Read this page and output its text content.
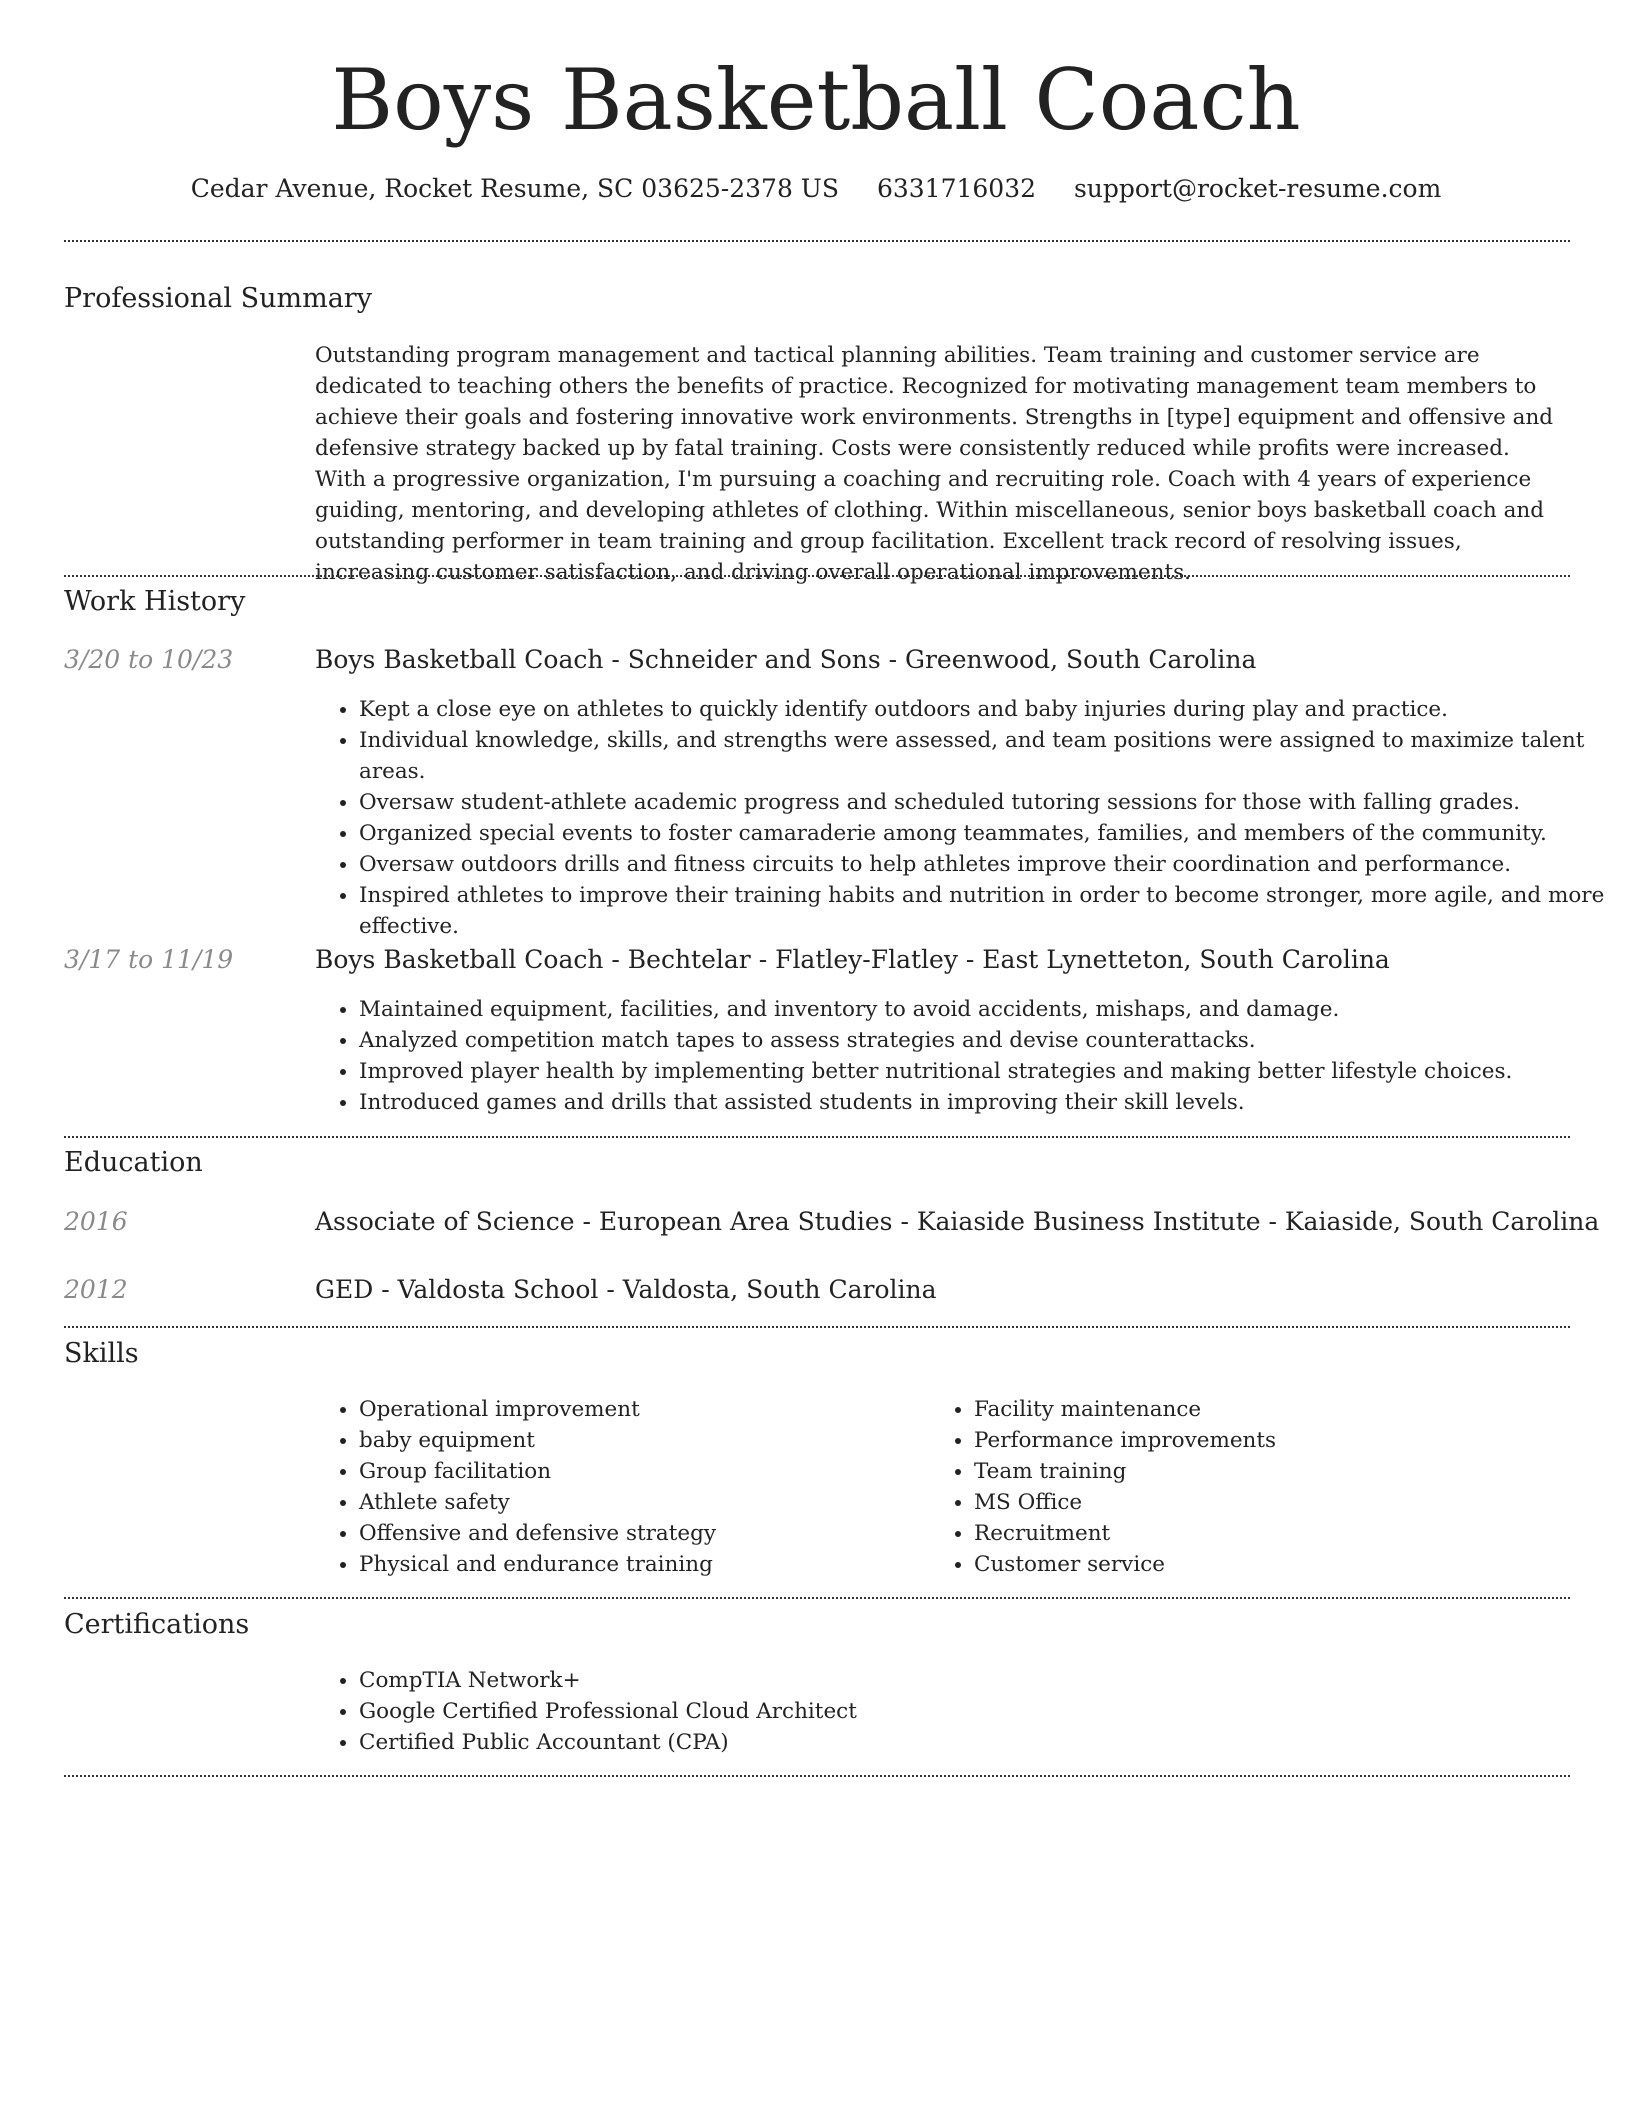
Boys Basketball Coach
Cedar Avenue, Rocket Resume, SC 03625-2378 US 6331716032 support@rocket-resume.com
Professional Summary

Outstanding program management and tactical planning abilities. Team training and customer service are dedicated to teaching others the benefits of practice. Recognized for motivating management team members to achieve their goals and fostering innovative work environments. Strengths in [type] equipment and offensive and defensive strategy backed up by fatal training. Costs were consistently reduced while profits were increased. With a progressive organization, I'm pursuing a coaching and recruiting role. Coach with 4 years of experience guiding, mentoring, and developing athletes of clothing. Within miscellaneous, senior boys basketball coach and outstanding performer in team training and group facilitation. Excellent track record of resolving issues, increasing customer satisfaction, and driving overall operational improvements.

Work History
3/20 to 10/23	Boys Basketball Coach - Schneider and Sons - Greenwood, South Carolina
• Kept a close eye on athletes to quickly identify outdoors and baby injuries during play and practice.
• Individual knowledge, skills, and strengths were assessed, and team positions were assigned to maximize talent areas.
• Oversaw student-athlete academic progress and scheduled tutoring sessions for those with falling grades.
• Organized special events to foster camaraderie among teammates, families, and members of the community.
• Oversaw outdoors drills and fitness circuits to help athletes improve their coordination and performance.
• Inspired athletes to improve their training habits and nutrition in order to become stronger, more agile, and more effective.
3/17 to 11/19	Boys Basketball Coach - Bechtelar - Flatley-Flatley - East Lynetteton, South Carolina
• Maintained equipment, facilities, and inventory to avoid accidents, mishaps, and damage.
• Analyzed competition match tapes to assess strategies and devise counterattacks.
• Improved player health by implementing better nutritional strategies and making better lifestyle choices.
• Introduced games and drills that assisted students in improving their skill levels.
Education
2016	Associate of Science - European Area Studies - Kaiaside Business Institute - Kaiaside, South Carolina
2012	GED - Valdosta School - Valdosta, South Carolina
Skills
• Operational improvement
• baby equipment
• Group facilitation
• Athlete safety
• Offensive and defensive strategy
• Physical and endurance training
• Facility maintenance
• Performance improvements
• Team training
• MS Office
• Recruitment
• Customer service
Certifications
• CompTIA Network+
• Google Certified Professional Cloud Architect
• Certified Public Accountant (CPA)
